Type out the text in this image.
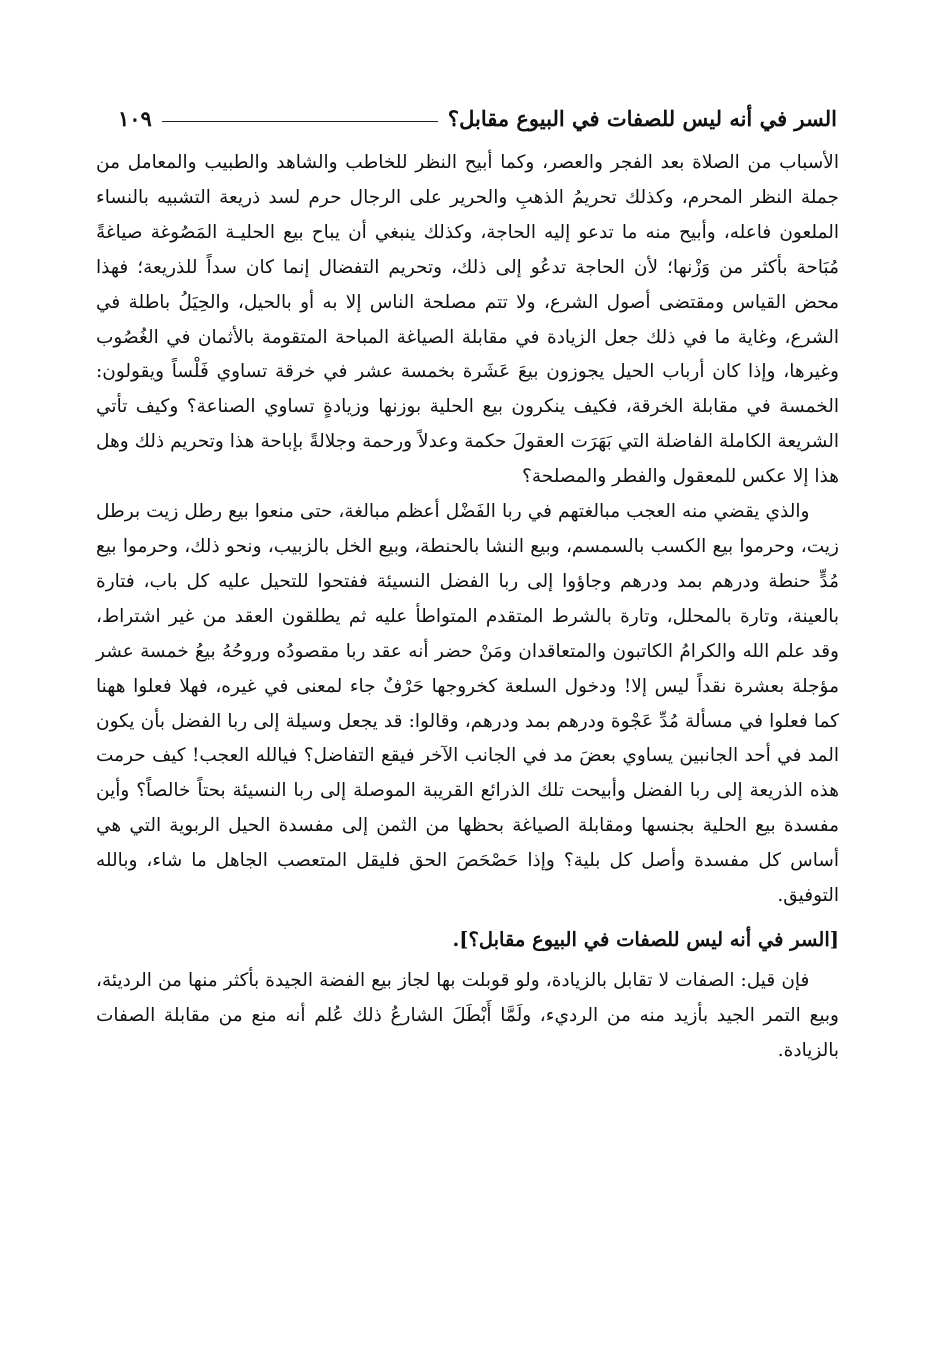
السر في أنه ليس للصفات في البيوع مقابل؟
١٠٩

الأسباب من الصلاة بعد الفجر والعصر، وكما أبيح النظر للخاطب والشاهد والطبيب والمعامل من جملة النظر المحرم، وكذلك تحريمُ الذهبِ والحرير على الرجال حرم لسد ذريعة التشبيه بالنساء الملعون فاعله، وأبيح منه ما تدعو إليه الحاجة، وكذلك ينبغي أن يباح بيع الحليـة المَصُوغة صياغةً مُبَاحة بأكثر من وَزْنها؛ لأن الحاجة تدعُو إلى ذلك، وتحريم التفضال إنما كان سداً للذريعة؛ فهذا محض القياس ومقتضى أصول الشرع، ولا تتم مصلحة الناس إلا به أو بالحيل، والحِيَلُ باطلة في الشرع، وغاية ما في ذلك جعل الزيادة في مقابلة الصياغة المباحة المتقومة بالأثمان في الغُصُوب وغيرها، وإذا كان أرباب الحيل يجوزون بيعَ عَشَرة بخمسة عشر في خرقة تساوي فَلْساً ويقولون: الخمسة في مقابلة الخرقة، فكيف ينكرون بيع الحلية بوزنها وزيادةٍ تساوي الصناعة؟ وكيف تأتي الشريعة الكاملة الفاضلة التي بَهَرَت العقولَ حكمة وعدلاً ورحمة وجلالةً بإباحة هذا وتحريم ذلك وهل هذا إلا عكس للمعقول والفطر والمصلحة؟

والذي يقضي منه العجب مبالغتهم في ربا الفَضْل أعظم مبالغة، حتى منعوا بيع رطل زيت برطل زيت، وحرموا بيع الكسب بالسمسم، وبيع النشا بالحنطة، وبيع الخل بالزبيب، ونحو ذلك، وحرموا بيع مُدٍّ حنطة ودرهم بمد ودرهم وجاؤوا إلى ربا الفضل النسيئة ففتحوا للتحيل عليه كل باب، فتارة بالعينة، وتارة بالمحلل، وتارة بالشرط المتقدم المتواطأ عليه ثم يطلقون العقد من غير اشتراط، وقد علم الله والكرامُ الكاتبون والمتعاقدان ومَنْ حضر أنه عقد ربا مقصودُه وروحُهُ بيعُ خمسة عشر مؤجلة بعشرة نقداً ليس إلا! ودخول السلعة كخروجها حَرْفٌ جاء لمعنى في غيره، فهلا فعلوا ههنا كما فعلوا في مسألة مُدِّ عَجْوة ودرهم بمد ودرهم، وقالوا: قد يجعل وسيلة إلى ربا الفضل بأن يكون المد في أحد الجانبين يساوي بعضَ مد في الجانب الآخر فيقع التفاضل؟ فيالله العجب! كيف حرمت هذه الذريعة إلى ربا الفضل وأبيحت تلك الذرائع القريبة الموصلة إلى ربا النسيئة بحتاً خالصاً؟ وأين مفسدة بيع الحلية بجنسها ومقابلة الصياغة بحظها من الثمن إلى مفسدة الحيل الربوية التي هي أساس كل مفسدة وأصل كل بلية؟ وإذا حَصْحَصَ الحق فليقل المتعصب الجاهل ما شاء، وبالله التوفيق.

[السر في أنه ليس للصفات في البيوع مقابل؟].

فإن قيل: الصفات لا تقابل بالزيادة، ولو قوبلت بها لجاز بيع الفضة الجيدة بأكثر منها من الرديئة، وبيع التمر الجيد بأزيد منه من الرديء، ولَمَّا أَبْطَلَ الشارعُ ذلك عُلم أنه منع من مقابلة الصفات بالزيادة.
